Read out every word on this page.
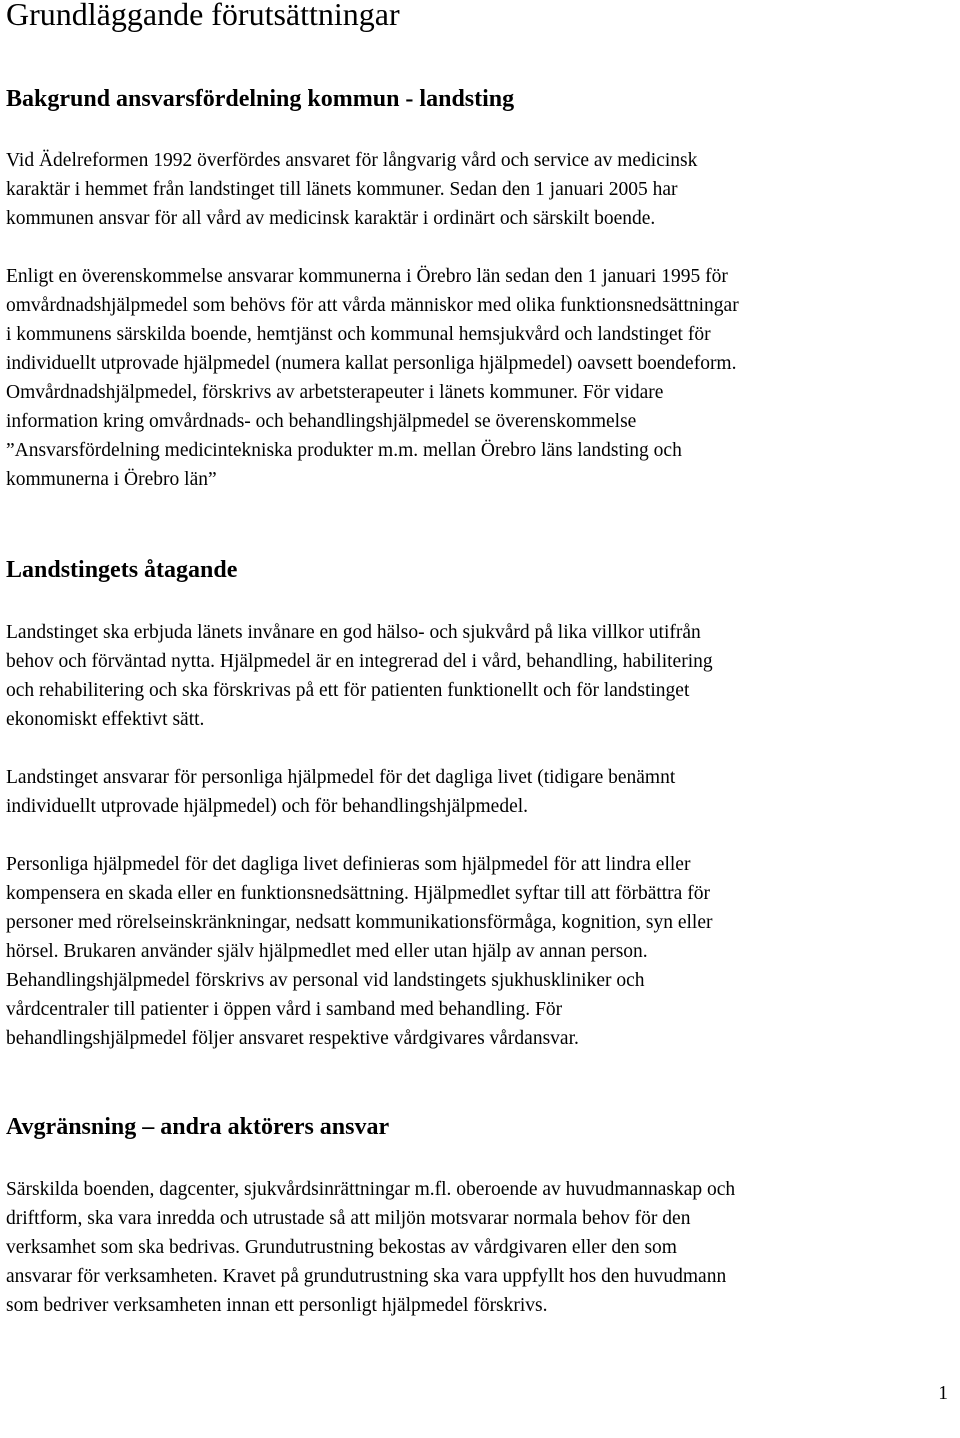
Grundläggande förutsättningar
Bakgrund ansvarsfördelning kommun - landsting

Vid Ädelreformen 1992 överfördes ansvaret för långvarig vård och service av medicinsk
karaktär i hemmet från landstinget till länets kommuner. Sedan den 1 januari 2005 har
kommunen ansvar för all vård av medicinsk karaktär i ordinärt och särskilt boende.

Enligt en överenskommelse ansvarar kommunerna i Örebro län sedan den 1 januari 1995 för
omvårdnadshjälpmedel som behövs för att vårda människor med olika funktionsnedsättningar
i kommunens särskilda boende, hemtjänst och kommunal hemsjukvård och landstinget för
individuellt utprovade hjälpmedel (numera kallat personliga hjälpmedel) oavsett boendeform.
Omvårdnadshjälpmedel, förskrivs av arbetsterapeuter i länets kommuner. För vidare
information kring omvårdnads- och behandlingshjälpmedel se överenskommelse
”Ansvarsfördelning medicintekniska produkter m.m. mellan Örebro läns landsting och
kommunerna i Örebro län”

Landstingets åtagande

Landstinget ska erbjuda länets invånare en god hälso- och sjukvård på lika villkor utifrån
behov och förväntad nytta. Hjälpmedel är en integrerad del i vård, behandling, habilitering
och rehabilitering och ska förskrivas på ett för patienten funktionellt och för landstinget
ekonomiskt effektivt sätt.

Landstinget ansvarar för personliga hjälpmedel för det dagliga livet (tidigare benämnt
individuellt utprovade hjälpmedel) och för behandlingshjälpmedel.

Personliga hjälpmedel för det dagliga livet definieras som hjälpmedel för att lindra eller
kompensera en skada eller en funktionsnedsättning. Hjälpmedlet syftar till att förbättra för
personer med rörelseinskränkningar, nedsatt kommunikationsförmåga, kognition, syn eller
hörsel. Brukaren använder själv hjälpmedlet med eller utan hjälp av annan person.
Behandlingshjälpmedel förskrivs av personal vid landstingets sjukhuskliniker och
vårdcentraler till patienter i öppen vård i samband med behandling. För
behandlingshjälpmedel följer ansvaret respektive vårdgivares vårdansvar.

Avgränsning – andra aktörers ansvar

Särskilda boenden, dagcenter, sjukvårdsinrättningar m.fl. oberoende av huvudmannaskap och
driftform, ska vara inredda och utrustade så att miljön motsvarar normala behov för den
verksamhet som ska bedrivas. Grundutrustning bekostas av vårdgivaren eller den som
ansvarar för verksamheten. Kravet på grundutrustning ska vara uppfyllt hos den huvudmann
som bedriver verksamheten innan ett personligt hjälpmedel förskrivs.

1
